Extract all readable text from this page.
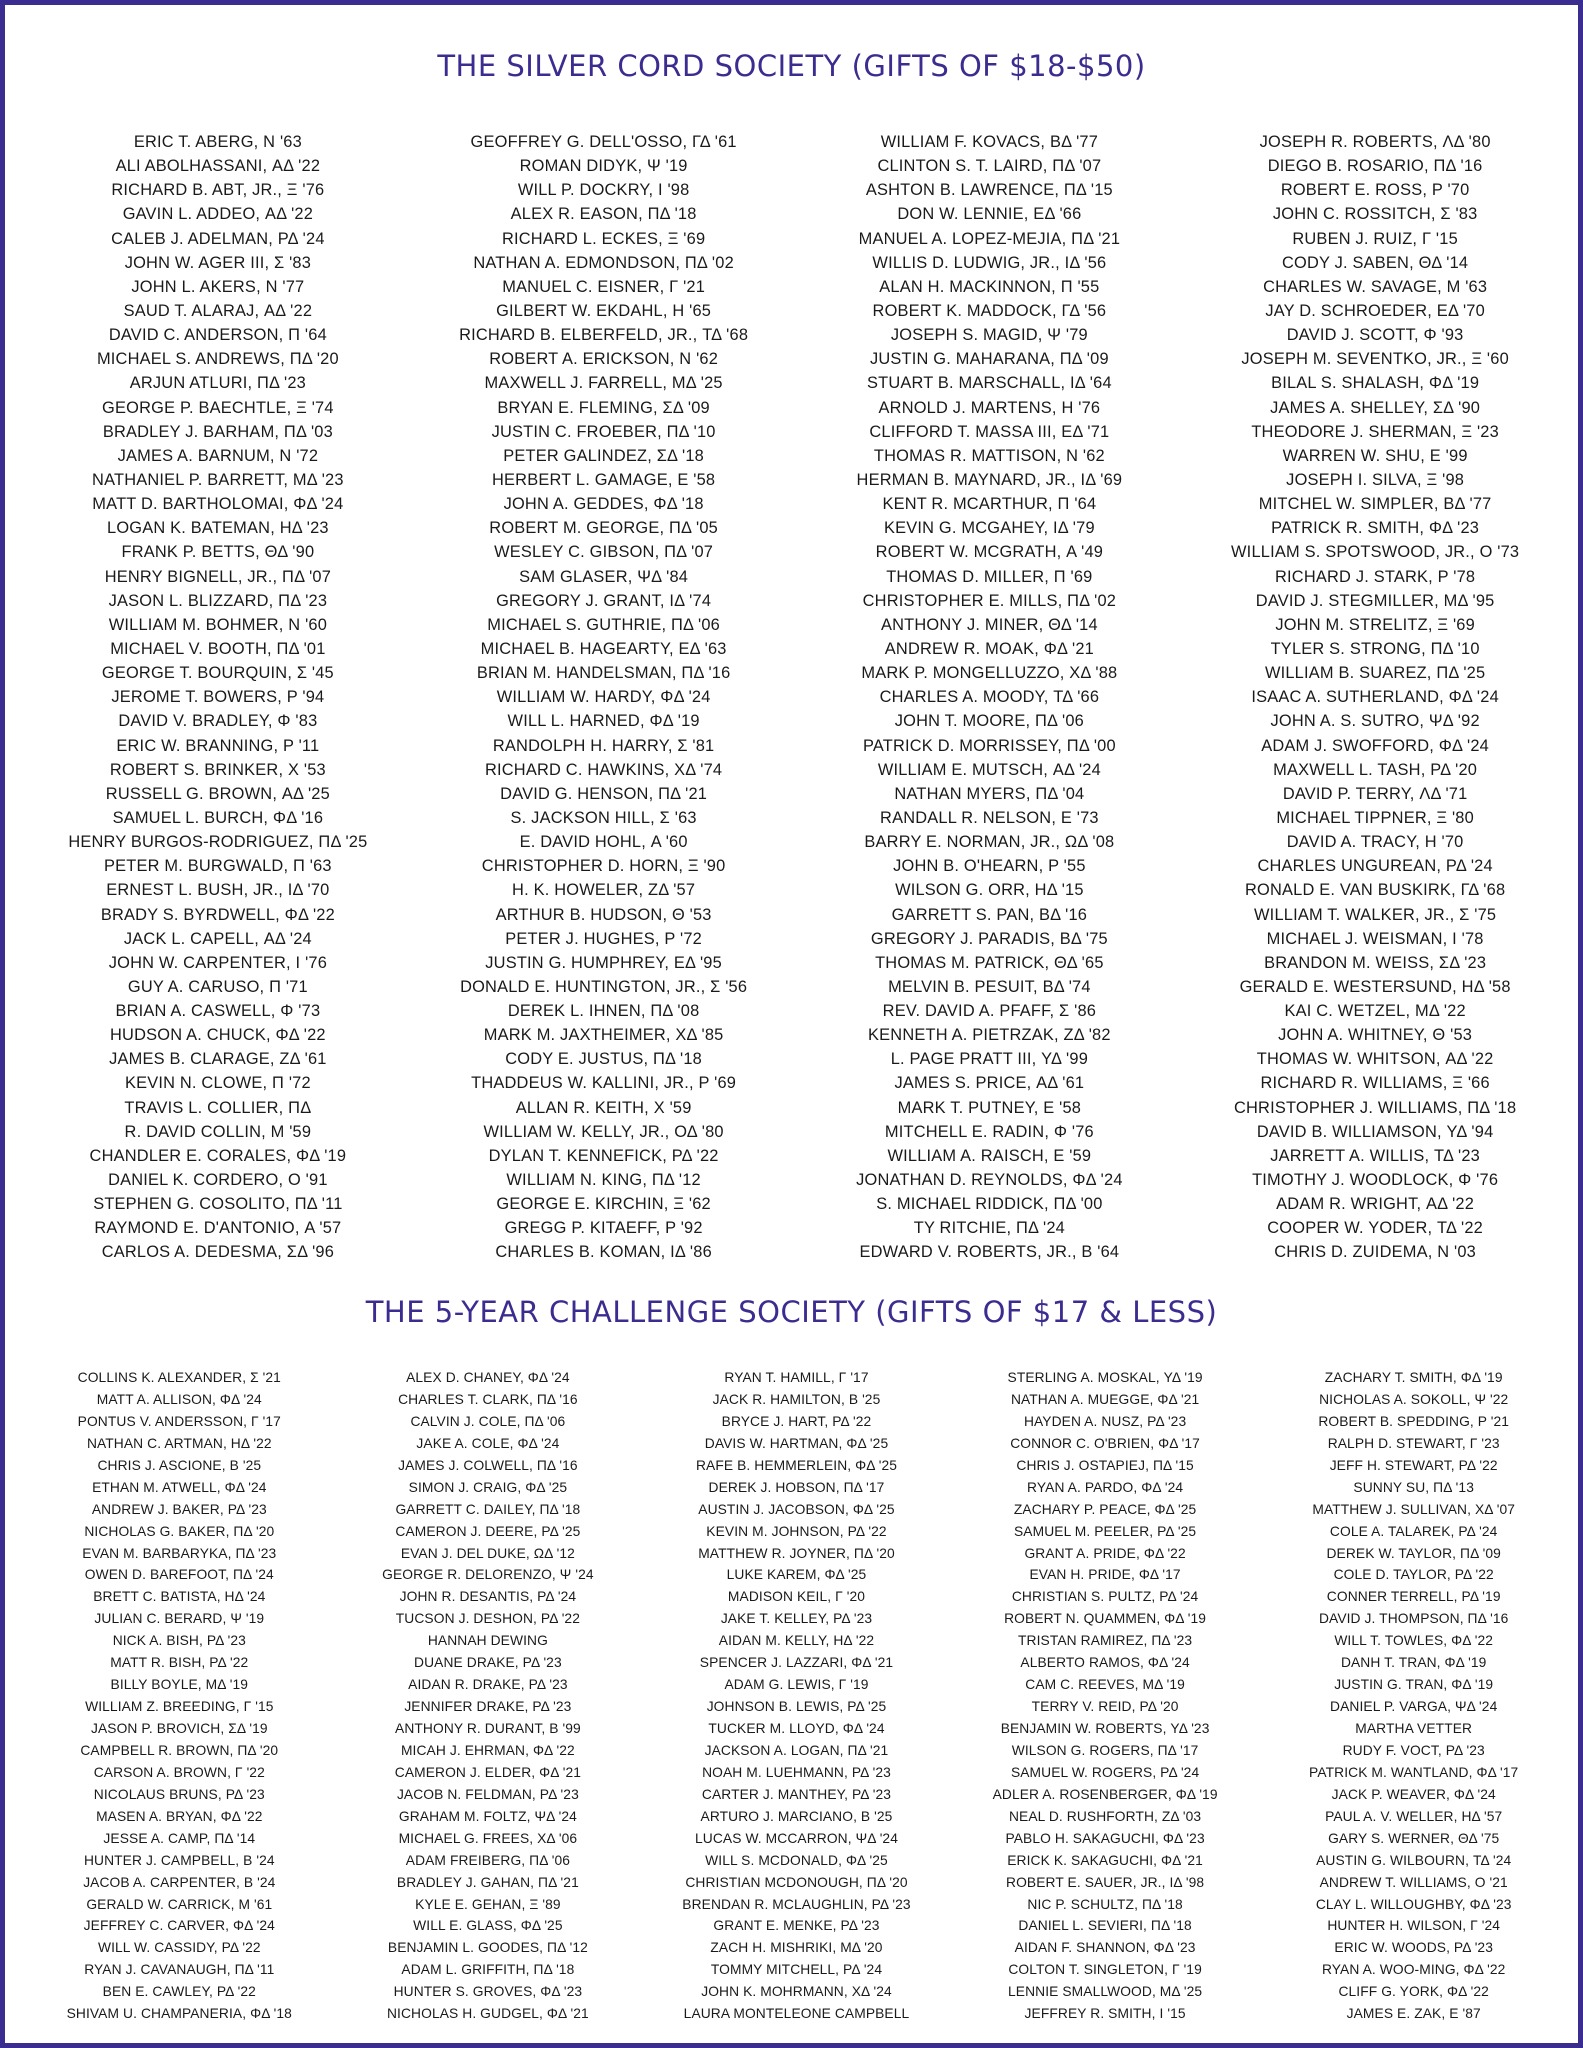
THE SILVER CORD SOCIETY (GIFTS OF $18-$50)
ERIC T. ABERG, N '63
ALI ABOLHASSANI, ΑΔ '22
RICHARD B. ABT, JR., Ξ '76
GAVIN L. ADDEO, ΑΔ '22
CALEB J. ADELMAN, ΡΔ '24
JOHN W. AGER III, Σ '83
JOHN L. AKERS, N '77
SAUD T. ALARAJ, ΑΔ '22
DAVID C. ANDERSON, Π '64
MICHAEL S. ANDREWS, ΠΔ '20
ARJUN ATLURI, ΠΔ '23
GEORGE P. BAECHTLE, Ξ '74
BRADLEY J. BARHAM, ΠΔ '03
JAMES A. BARNUM, N '72
NATHANIEL P. BARRETT, ΜΔ '23
MATT D. BARTHOLOMAI, ΦΔ '24
LOGAN K. BATEMAN, ΗΔ '23
FRANK P. BETTS, ΘΔ '90
HENRY BIGNELL, JR., ΠΔ '07
JASON L. BLIZZARD, ΠΔ '23
WILLIAM M. BOHMER, N '60
MICHAEL V. BOOTH, ΠΔ '01
GEORGE T. BOURQUIN, Σ '45
JEROME T. BOWERS, Ρ '94
DAVID V. BRADLEY, Φ '83
ERIC W. BRANNING, Ρ '11
ROBERT S. BRINKER, Χ '53
RUSSELL G. BROWN, ΑΔ '25
SAMUEL L. BURCH, ΦΔ '16
HENRY BURGOS-RODRIGUEZ, ΠΔ '25
PETER M. BURGWALD, Π '63
ERNEST L. BUSH, JR., ΙΔ '70
BRADY S. BYRDWELL, ΦΔ '22
JACK L. CAPELL, ΑΔ '24
JOHN W. CARPENTER, Ι '76
GUY A. CARUSO, Π '71
BRIAN A. CASWELL, Φ '73
HUDSON A. CHUCK, ΦΔ '22
JAMES B. CLARAGE, ΖΔ '61
KEVIN N. CLOWE, Π '72
TRAVIS L. COLLIER, ΠΔ
R. DAVID COLLIN, Μ '59
CHANDLER E. CORALES, ΦΔ '19
DANIEL K. CORDERO, Ο '91
STEPHEN G. COSOLITO, ΠΔ '11
RAYMOND E. D'ANTONIO, Α '57
CARLOS A. DEDESMA, ΣΔ '96
GEOFFREY G. DELL'OSSO, ΓΔ '61
ROMAN DIDYK, Ψ '19
WILL P. DOCKRY, Ι '98
ALEX R. EASON, ΠΔ '18
RICHARD L. ECKES, Ξ '69
NATHAN A. EDMONDSON, ΠΔ '02
MANUEL C. EISNER, Γ '21
GILBERT W. EKDAHL, Η '65
RICHARD B. ELBERFELD, JR., ΤΔ '68
ROBERT A. ERICKSON, N '62
MAXWELL J. FARRELL, ΜΔ '25
BRYAN E. FLEMING, ΣΔ '09
JUSTIN C. FROEBER, ΠΔ '10
PETER GALINDEZ, ΣΔ '18
HERBERT L. GAMAGE, Ε '58
JOHN A. GEDDES, ΦΔ '18
ROBERT M. GEORGE, ΠΔ '05
WESLEY C. GIBSON, ΠΔ '07
SAM GLASER, ΨΔ '84
GREGORY J. GRANT, ΙΔ '74
MICHAEL S. GUTHRIE, ΠΔ '06
MICHAEL B. HAGEARTY, ΕΔ '63
BRIAN M. HANDELSMAN, ΠΔ '16
WILLIAM W. HARDY, ΦΔ '24
WILL L. HARNED, ΦΔ '19
RANDOLPH H. HARRY, Σ '81
RICHARD C. HAWKINS, ΧΔ '74
DAVID G. HENSON, ΠΔ '21
S. JACKSON HILL, Σ '63
E. DAVID HOHL, Α '60
CHRISTOPHER D. HORN, Ξ '90
H. K. HOWELER, ΖΔ '57
ARTHUR B. HUDSON, Θ '53
PETER J. HUGHES, Ρ '72
JUSTIN G. HUMPHREY, ΕΔ '95
DONALD E. HUNTINGTON, JR., Σ '56
DEREK L. IHNEN, ΠΔ '08
MARK M. JAXTHEIMER, ΧΔ '85
CODY E. JUSTUS, ΠΔ '18
THADDEUS W. KALLINI, JR., Ρ '69
ALLAN R. KEITH, Χ '59
WILLIAM W. KELLY, JR., ΟΔ '80
DYLAN T. KENNEFICK, ΡΔ '22
WILLIAM N. KING, ΠΔ '12
GEORGE E. KIRCHIN, Ξ '62
GREGG P. KITAEFF, Ρ '92
CHARLES B. KOMAN, ΙΔ '86
WILLIAM F. KOVACS, ΒΔ '77
CLINTON S. T. LAIRD, ΠΔ '07
ASHTON B. LAWRENCE, ΠΔ '15
DON W. LENNIE, ΕΔ '66
MANUEL A. LOPEZ-MEJIA, ΠΔ '21
WILLIS D. LUDWIG, JR., ΙΔ '56
ALAN H. MACKINNON, Π '55
ROBERT K. MADDOCK, ΓΔ '56
JOSEPH S. MAGID, Ψ '79
JUSTIN G. MAHARANA, ΠΔ '09
STUART B. MARSCHALL, ΙΔ '64
ARNOLD J. MARTENS, Η '76
CLIFFORD T. MASSA III, ΕΔ '71
THOMAS R. MATTISON, N '62
HERMAN B. MAYNARD, JR., ΙΔ '69
KENT R. MCARTHUR, Π '64
KEVIN G. MCGAHEY, ΙΔ '79
ROBERT W. MCGRATH, Α '49
THOMAS D. MILLER, Π '69
CHRISTOPHER E. MILLS, ΠΔ '02
ANTHONY J. MINER, ΘΔ '14
ANDREW R. MOAK, ΦΔ '21
MARK P. MONGELLUZZO, ΧΔ '88
CHARLES A. MOODY, ΤΔ '66
JOHN T. MOORE, ΠΔ '06
PATRICK D. MORRISSEY, ΠΔ '00
WILLIAM E. MUTSCH, ΑΔ '24
NATHAN MYERS, ΠΔ '04
RANDALL R. NELSON, Ε '73
BARRY E. NORMAN, JR., ΩΔ '08
JOHN B. O'HEARN, Ρ '55
WILSON G. ORR, ΗΔ '15
GARRETT S. PAN, ΒΔ '16
GREGORY J. PARADIS, ΒΔ '75
THOMAS M. PATRICK, ΘΔ '65
MELVIN B. PESUIT, ΒΔ '74
REV. DAVID A. PFAFF, Σ '86
KENNETH A. PIETRZAK, ΖΔ '82
L. PAGE PRATT III, ΥΔ '99
JAMES S. PRICE, ΑΔ '61
MARK T. PUTNEY, Ε '58
MITCHELL E. RADIN, Φ '76
WILLIAM A. RAISCH, Ε '59
JONATHAN D. REYNOLDS, ΦΔ '24
S. MICHAEL RIDDICK, ΠΔ '00
TY RITCHIE, ΠΔ '24
EDWARD V. ROBERTS, JR., Β '64
JOSEPH R. ROBERTS, ΛΔ '80
DIEGO B. ROSARIO, ΠΔ '16
ROBERT E. ROSS, Ρ '70
JOHN C. ROSSITCH, Σ '83
RUBEN J. RUIZ, Γ '15
CODY J. SABEN, ΘΔ '14
CHARLES W. SAVAGE, Μ '63
JAY D. SCHROEDER, ΕΔ '70
DAVID J. SCOTT, Φ '93
JOSEPH M. SEVENTKO, JR., Ξ '60
BILAL S. SHALASH, ΦΔ '19
JAMES A. SHELLEY, ΣΔ '90
THEODORE J. SHERMAN, Ξ '23
WARREN W. SHU, Ε '99
JOSEPH I. SILVA, Ξ '98
MITCHEL W. SIMPLER, ΒΔ '77
PATRICK R. SMITH, ΦΔ '23
WILLIAM S. SPOTSWOOD, JR., Ο '73
RICHARD J. STARK, Ρ '78
DAVID J. STEGMILLER, ΜΔ '95
JOHN M. STRELITZ, Ξ '69
TYLER S. STRONG, ΠΔ '10
WILLIAM B. SUAREZ, ΠΔ '25
ISAAC A. SUTHERLAND, ΦΔ '24
JOHN A. S. SUTRO, ΨΔ '92
ADAM J. SWOFFORD, ΦΔ '24
MAXWELL L. TASH, ΡΔ '20
DAVID P. TERRY, ΛΔ '71
MICHAEL TIPPNER, Ξ '80
DAVID A. TRACY, Η '70
CHARLES UNGUREAN, ΡΔ '24
RONALD E. VAN BUSKIRK, ΓΔ '68
WILLIAM T. WALKER, JR., Σ '75
MICHAEL J. WEISMAN, Ι '78
BRANDON M. WEISS, ΣΔ '23
GERALD E. WESTERSUND, ΗΔ '58
KAI C. WETZEL, ΜΔ '22
JOHN A. WHITNEY, Θ '53
THOMAS W. WHITSON, ΑΔ '22
RICHARD R. WILLIAMS, Ξ '66
CHRISTOPHER J. WILLIAMS, ΠΔ '18
DAVID B. WILLIAMSON, ΥΔ '94
JARRETT A. WILLIS, ΤΔ '23
TIMOTHY J. WOODLOCK, Φ '76
ADAM R. WRIGHT, ΑΔ '22
COOPER W. YODER, ΤΔ '22
CHRIS D. ZUIDEMA, N '03
THE 5-YEAR CHALLENGE SOCIETY (GIFTS OF $17 & LESS)
COLLINS K. ALEXANDER, Σ '21
MATT A. ALLISON, ΦΔ '24
PONTUS V. ANDERSSON, Γ '17
NATHAN C. ARTMAN, ΗΔ '22
CHRIS J. ASCIONE, Β '25
ETHAN M. ATWELL, ΦΔ '24
ANDREW J. BAKER, ΡΔ '23
NICHOLAS G. BAKER, ΠΔ '20
EVAN M. BARBARYKA, ΠΔ '23
OWEN D. BAREFOOT, ΠΔ '24
BRETT C. BATISTA, ΗΔ '24
JULIAN C. BERARD, Ψ '19
NICK A. BISH, ΡΔ '23
MATT R. BISH, ΡΔ '22
BILLY BOYLE, ΜΔ '19
WILLIAM Z. BREEDING, Γ '15
JASON P. BROVICH, ΣΔ '19
CAMPBELL R. BROWN, ΠΔ '20
CARSON A. BROWN, Γ '22
NICOLAUS BRUNS, ΡΔ '23
MASEN A. BRYAN, ΦΔ '22
JESSE A. CAMP, ΠΔ '14
HUNTER J. CAMPBELL, Β '24
JACOB A. CARPENTER, Β '24
GERALD W. CARRICK, Μ '61
JEFFREY C. CARVER, ΦΔ '24
WILL W. CASSIDY, ΡΔ '22
RYAN J. CAVANAUGH, ΠΔ '11
BEN E. CAWLEY, ΡΔ '22
SHIVAM U. CHAMPANERIA, ΦΔ '18
ALEX D. CHANEY, ΦΔ '24
CHARLES T. CLARK, ΠΔ '16
CALVIN J. COLE, ΠΔ '06
JAKE A. COLE, ΦΔ '24
JAMES J. COLWELL, ΠΔ '16
SIMON J. CRAIG, ΦΔ '25
GARRETT C. DAILEY, ΠΔ '18
CAMERON J. DEERE, ΡΔ '25
EVAN J. DEL DUKE, ΩΔ '12
GEORGE R. DELORENZO, Ψ '24
JOHN R. DESANTIS, ΡΔ '24
TUCSON J. DESHON, ΡΔ '22
HANNAH DEWING
DUANE DRAKE, ΡΔ '23
AIDAN R. DRAKE, ΡΔ '23
JENNIFER DRAKE, ΡΔ '23
ANTHONY R. DURANT, Β '99
MICAH J. EHRMAN, ΦΔ '22
CAMERON J. ELDER, ΦΔ '21
JACOB N. FELDMAN, ΡΔ '23
GRAHAM M. FOLTZ, ΨΔ '24
MICHAEL G. FREES, ΧΔ '06
ADAM FREIBERG, ΠΔ '06
BRADLEY J. GAHAN, ΠΔ '21
KYLE E. GEHAN, Ξ '89
WILL E. GLASS, ΦΔ '25
BENJAMIN L. GOODES, ΠΔ '12
ADAM L. GRIFFITH, ΠΔ '18
HUNTER S. GROVES, ΦΔ '23
NICHOLAS H. GUDGEL, ΦΔ '21
RYAN T. HAMILL, Γ '17
JACK R. HAMILTON, Β '25
BRYCE J. HART, ΡΔ '22
DAVIS W. HARTMAN, ΦΔ '25
RAFE B. HEMMERLEIN, ΦΔ '25
DEREK J. HOBSON, ΠΔ '17
AUSTIN J. JACOBSON, ΦΔ '25
KEVIN M. JOHNSON, ΡΔ '22
MATTHEW R. JOYNER, ΠΔ '20
LUKE KAREM, ΦΔ '25
MADISON KEIL, Γ '20
JAKE T. KELLEY, ΡΔ '23
AIDAN M. KELLY, ΗΔ '22
SPENCER J. LAZZARI, ΦΔ '21
ADAM G. LEWIS, Γ '19
JOHNSON B. LEWIS, ΡΔ '25
TUCKER M. LLOYD, ΦΔ '24
JACKSON A. LOGAN, ΠΔ '21
NOAH M. LUEHMANN, ΡΔ '23
CARTER J. MANTHEY, ΡΔ '23
ARTURO J. MARCIANO, Β '25
LUCAS W. MCCARRON, ΨΔ '24
WILL S. MCDONALD, ΦΔ '25
CHRISTIAN MCDONOUGH, ΠΔ '20
BRENDAN R. MCLAUGHLIN, ΡΔ '23
GRANT E. MENKE, ΡΔ '23
ZACH H. MISHRIKI, ΜΔ '20
TOMMY MITCHELL, ΡΔ '24
JOHN K. MOHRMANN, ΧΔ '24
LAURA MONTELEONE CAMPBELL
STERLING A. MOSKAL, ΥΔ '19
NATHAN A. MUEGGE, ΦΔ '21
HAYDEN A. NUSZ, ΡΔ '23
CONNOR C. O'BRIEN, ΦΔ '17
CHRIS J. OSTAPIEJ, ΠΔ '15
RYAN A. PARDO, ΦΔ '24
ZACHARY P. PEACE, ΦΔ '25
SAMUEL M. PEELER, ΡΔ '25
GRANT A. PRIDE, ΦΔ '22
EVAN H. PRIDE, ΦΔ '17
CHRISTIAN S. PULTZ, ΡΔ '24
ROBERT N. QUAMMEN, ΦΔ '19
TRISTAN RAMIREZ, ΠΔ '23
ALBERTO RAMOS, ΦΔ '24
CAM C. REEVES, ΜΔ '19
TERRY V. REID, ΡΔ '20
BENJAMIN W. ROBERTS, ΥΔ '23
WILSON G. ROGERS, ΠΔ '17
SAMUEL W. ROGERS, ΡΔ '24
ADLER A. ROSENBERGER, ΦΔ '19
NEAL D. RUSHFORTH, ΖΔ '03
PABLO H. SAKAGUCHI, ΦΔ '23
ERICK K. SAKAGUCHI, ΦΔ '21
ROBERT E. SAUER, JR., ΙΔ '98
NIC P. SCHULTZ, ΠΔ '18
DANIEL L. SEVIERI, ΠΔ '18
AIDAN F. SHANNON, ΦΔ '23
COLTON T. SINGLETON, Γ '19
LENNIE SMALLWOOD, ΜΔ '25
JEFFREY R. SMITH, Ι '15
ZACHARY T. SMITH, ΦΔ '19
NICHOLAS A. SOKOLL, Ψ '22
ROBERT B. SPEDDING, Ρ '21
RALPH D. STEWART, Γ '23
JEFF H. STEWART, ΡΔ '22
SUNNY SU, ΠΔ '13
MATTHEW J. SULLIVAN, ΧΔ '07
COLE A. TALAREK, ΡΔ '24
DEREK W. TAYLOR, ΠΔ '09
COLE D. TAYLOR, ΡΔ '22
CONNER TERRELL, ΡΔ '19
DAVID J. THOMPSON, ΠΔ '16
WILL T. TOWLES, ΦΔ '22
DANH T. TRAN, ΦΔ '19
JUSTIN G. TRAN, ΦΔ '19
DANIEL P. VARGA, ΨΔ '24
MARTHA VETTER
RUDY F. VOCT, ΡΔ '23
PATRICK M. WANTLAND, ΦΔ '17
JACK P. WEAVER, ΦΔ '24
PAUL A. V. WELLER, ΗΔ '57
GARY S. WERNER, ΘΔ '75
AUSTIN G. WILBOURN, ΤΔ '24
ANDREW T. WILLIAMS, Ο '21
CLAY L. WILLOUGHBY, ΦΔ '23
HUNTER H. WILSON, Γ '24
ERIC W. WOODS, ΡΔ '23
RYAN A. WOO-MING, ΦΔ '22
CLIFF G. YORK, ΦΔ '22
JAMES E. ZAK, Ε '87
